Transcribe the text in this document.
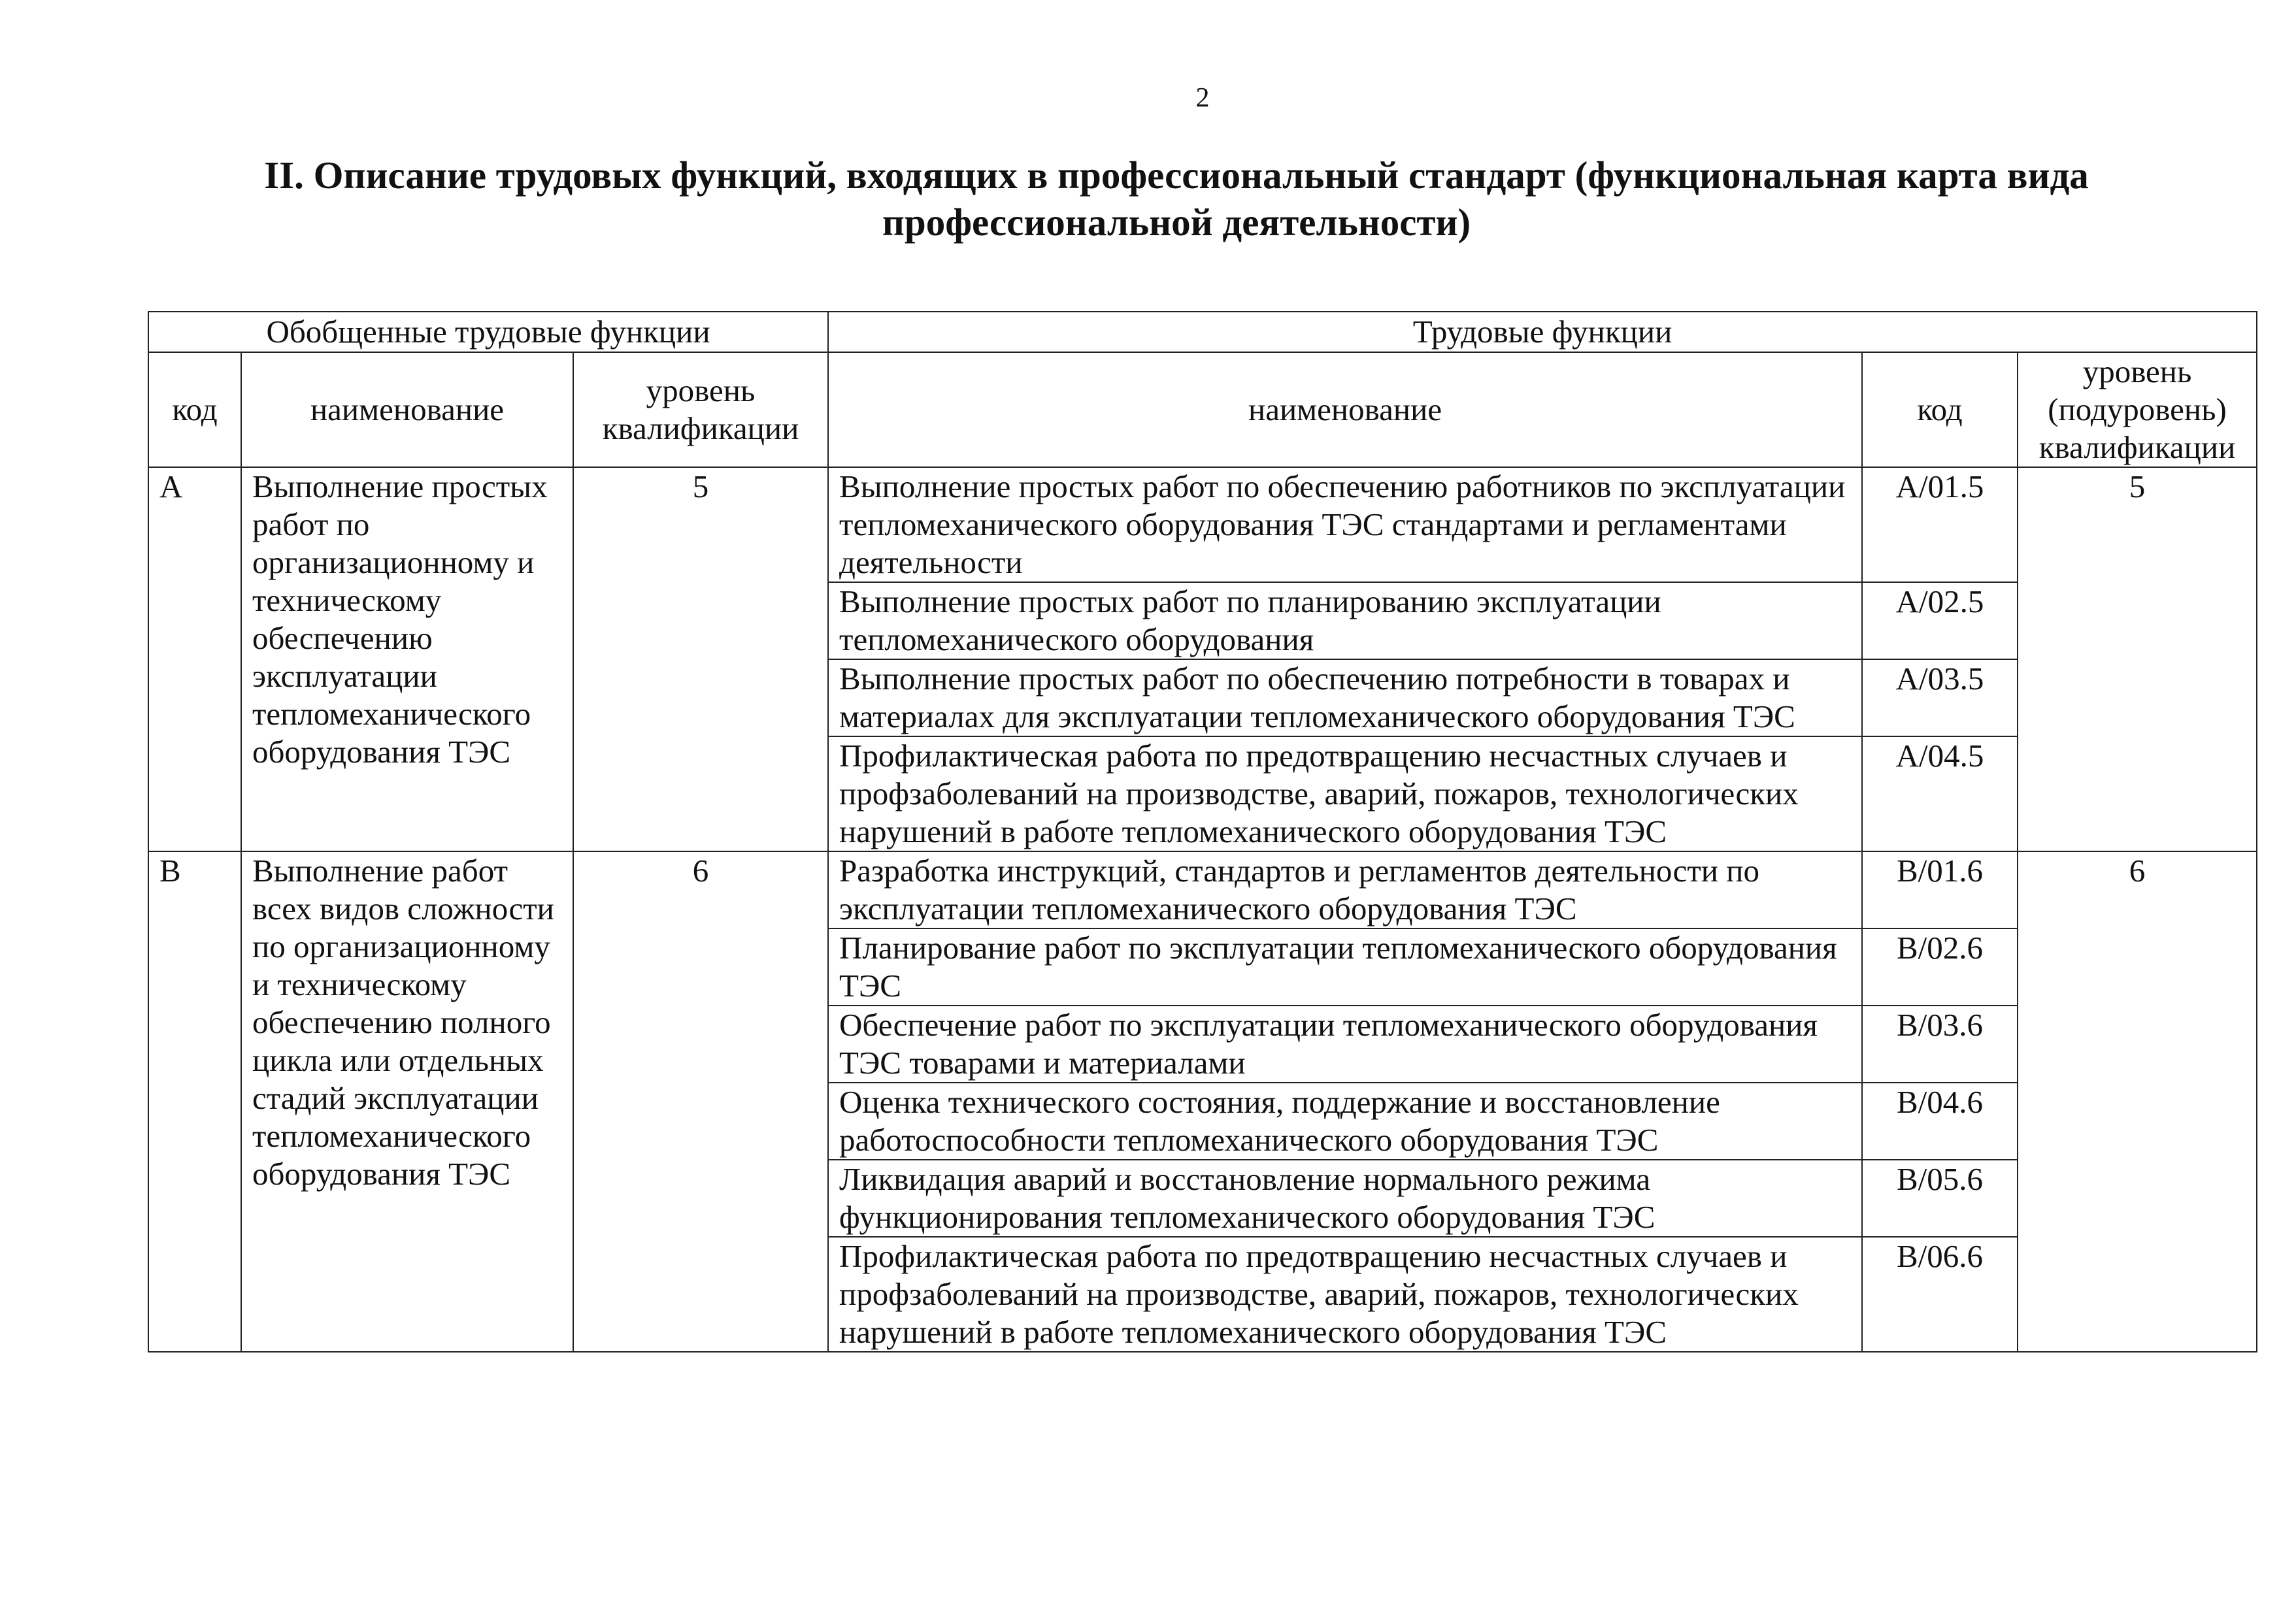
2
II. Описание трудовых функций, входящих в профессиональный стандарт (функциональная карта вида
профессиональной деятельности)
Обобщенные трудовые функции			Трудовые функции		
код	наименование	уровень квалификации	наименование	код	уровень (подуровень) квалификации
А	Выполнение простых работ по организационному и техническому обеспечению эксплуатации тепломеханического оборудования ТЭС	5	Выполнение простых работ по обеспечению работников по эксплуатации тепломеханического оборудования ТЭС стандартами и регламентами деятельности	А/01.5	5
			Выполнение простых работ по планированию эксплуатации тепломеханического оборудования	А/02.5	
			Выполнение простых работ по обеспечению потребности в товарах и материалах для эксплуатации тепломеханического оборудования ТЭС	А/03.5	
			Профилактическая работа по предотвращению несчастных случаев и профзаболеваний на производстве, аварий, пожаров, технологических нарушений в работе тепломеханического оборудования ТЭС	А/04.5	
В	Выполнение работ всех видов сложности по организационному и техническому обеспечению полного цикла или отдельных стадий эксплуатации тепломеханического оборудования ТЭС	6	Разработка инструкций, стандартов и регламентов деятельности по эксплуатации тепломеханического оборудования ТЭС	В/01.6	6
			Планирование работ по эксплуатации тепломеханического оборудования ТЭС	В/02.6	
			Обеспечение работ по эксплуатации тепломеханического оборудования ТЭС товарами и материалами	В/03.6	
			Оценка технического состояния, поддержание и восстановление работоспособности тепломеханического оборудования ТЭС	В/04.6	
			Ликвидация аварий и восстановление нормального режима функционирования тепломеханического оборудования ТЭС	В/05.6	
			Профилактическая работа по предотвращению несчастных случаев и профзаболеваний на производстве, аварий, пожаров, технологических нарушений в работе тепломеханического оборудования ТЭС	В/06.6	
